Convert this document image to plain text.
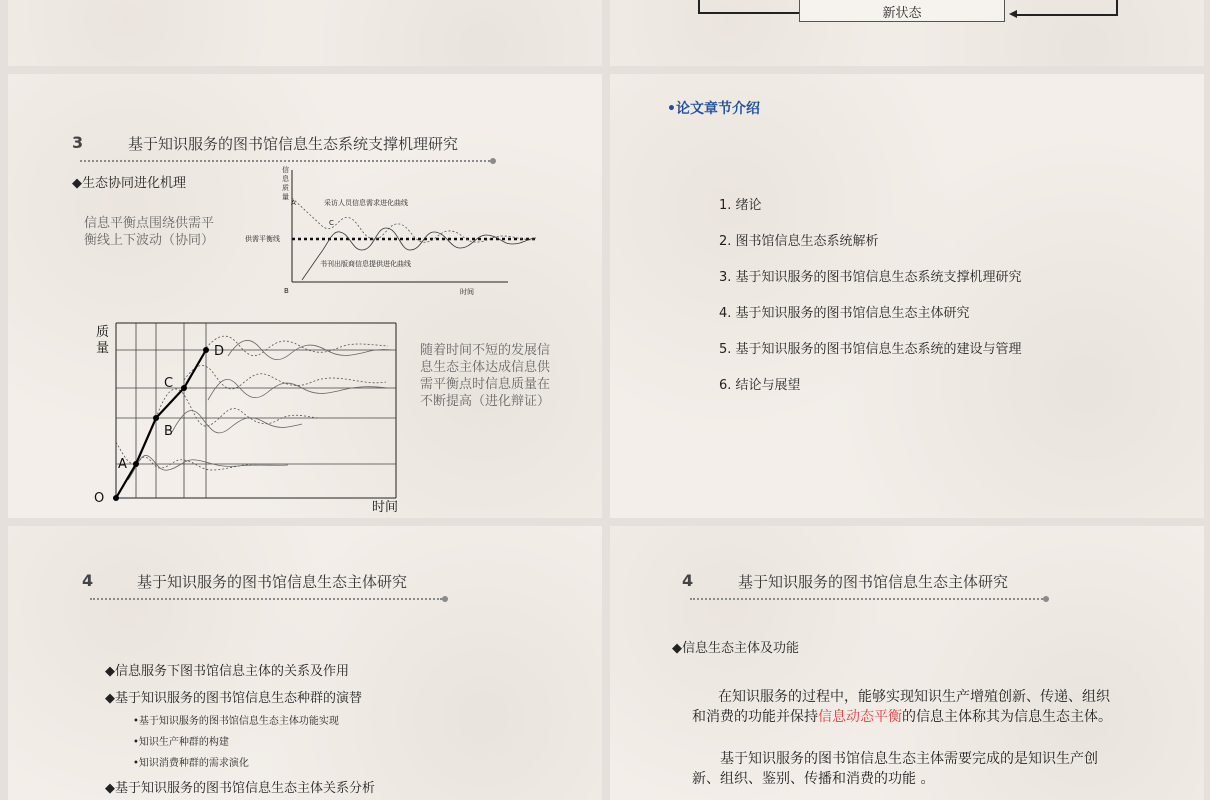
新状态
3	基于知识服务的图书馆信息生态系统支撑机理研究
◆生态协同进化机理
信息平衡点围绕供需平衡线上下波动（协同）
信
息
质
量
A
C
B
供需平衡线
采访人员信息需求进化曲线
书刊出版商信息提供进化曲线
时间
O
A
B
C
D
时间
质量	随着时间不短的发展信息生态主体达成信息供需平衡点时信息质量在不断提高（进化辩证）
•论文章节介绍
1. 绪论
2. 图书馆信息生态系统解析
3. 基于知识服务的图书馆信息生态系统支撑机理研究
4. 基于知识服务的图书馆信息生态主体研究
5. 基于知识服务的图书馆信息生态系统的建设与管理
6. 结论与展望
4	基于知识服务的图书馆信息生态主体研究
◆信息服务下图书馆信息主体的关系及作用
◆基于知识服务的图书馆信息生态种群的演替
•基于知识服务的图书馆信息生态主体功能实现
•知识生产种群的构建
•知识消费种群的需求演化
◆基于知识服务的图书馆信息生态主体关系分析
4	基于知识服务的图书馆信息生态主体研究
◆信息生态主体及功能
在知识服务的过程中，能够实现知识生产增殖创新、传递、组织
和消费的功能并保持信息动态平衡的信息主体称其为信息生态主体。
基于知识服务的图书馆信息生态主体需要完成的是知识生产创
新、组织、鉴别、传播和消费的功能 。
